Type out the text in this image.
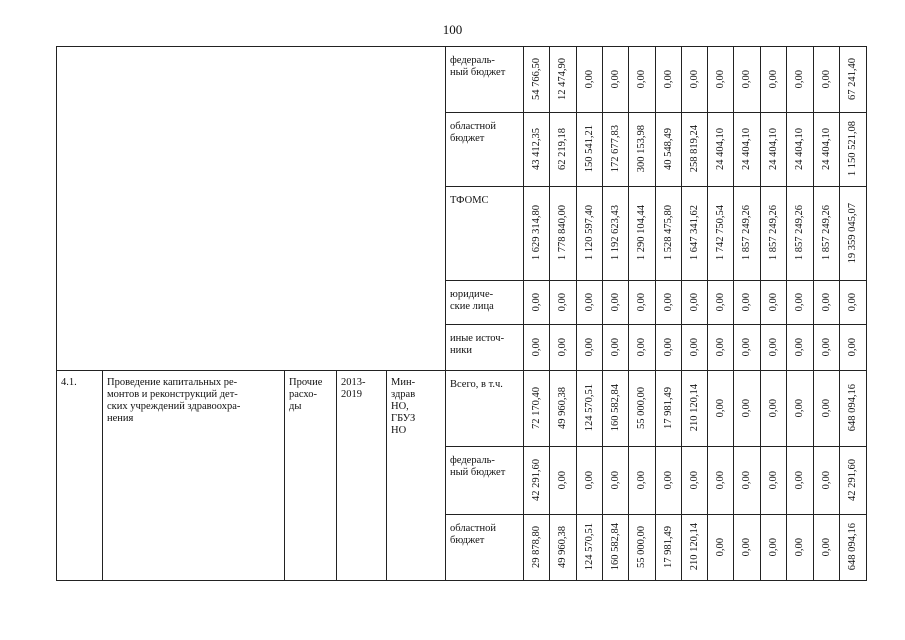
100
					федераль-
ный бюджет	54 766,50	12 474,90	0,00	0,00	0,00	0,00	0,00	0,00	0,00	0,00	0,00	0,00	67 241,40

					областной
бюджет	43 412,35	62 219,18	150 541,21	172 677,83	300 153,98	40 548,49	258 819,24	24 404,10	24 404,10	24 404,10	24 404,10	24 404,10	1 150 521,08

					ТФОМС	1 629 314,80	1 778 840,00	1 120 597,40	1 192 623,43	1 290 104,44	1 528 475,80	1 647 341,62	1 742 750,54	1 857 249,26	1 857 249,26	1 857 249,26	1 857 249,26	19 359 045,07

					юридиче-
ские лица	0,00	0,00	0,00	0,00	0,00	0,00	0,00	0,00	0,00	0,00	0,00	0,00	0,00

					иные источ-
ники	0,00	0,00	0,00	0,00	0,00	0,00	0,00	0,00	0,00	0,00	0,00	0,00	0,00

4.1.	Проведение капитальных ре-
монтов и реконструкций дет-
ских учреждений здравоохра-
нения	Прочие
расхо-
ды	2013-
2019	Мин-
здрав
НО,
ГБУЗ
НО	Всего, в т.ч.	72 170,40	49 960,38	124 570,51	160 582,84	55 000,00	17 981,49	210 120,14	0,00	0,00	0,00	0,00	0,00	648 094,16

					федераль-
ный бюджет	42 291,60	0,00	0,00	0,00	0,00	0,00	0,00	0,00	0,00	0,00	0,00	0,00	42 291,60

					областной
бюджет	29 878,80	49 960,38	124 570,51	160 582,84	55 000,00	17 981,49	210 120,14	0,00	0,00	0,00	0,00	0,00	648 094,16
